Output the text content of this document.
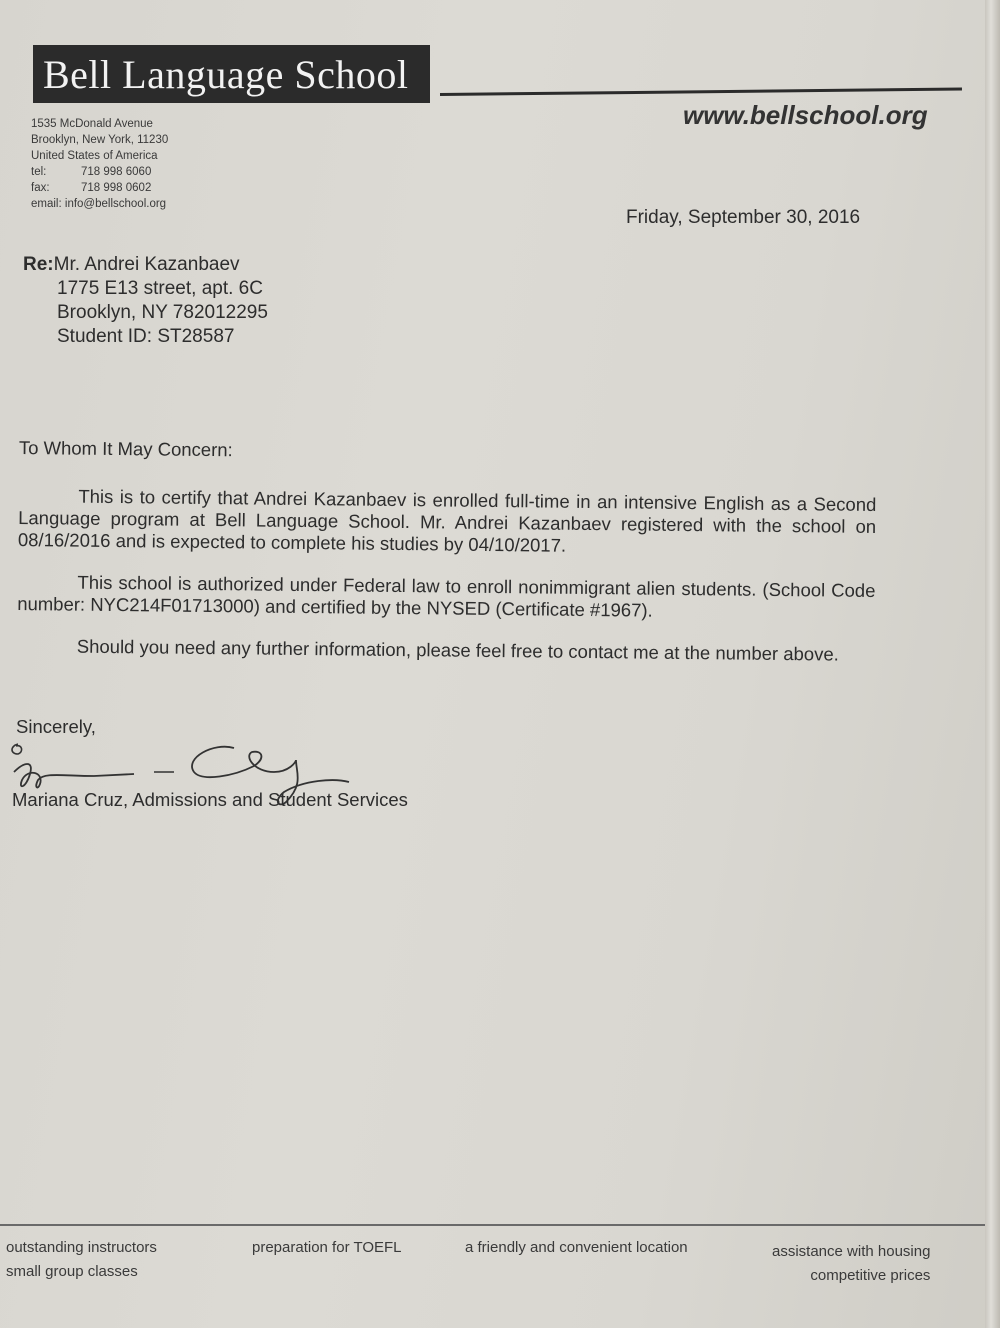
Bell Language School
www.bellschool.org
1535 McDonald Avenue
Brooklyn, New York, 11230
United States of America
tel:	718 998 6060
fax:	718 998 0602
email: info@bellschool.org
Friday, September 30, 2016
Re:Mr. Andrei Kazanbaev
1775 E13 street, apt. 6C
Brooklyn, NY 782012295
Student ID: ST28587

To Whom It May Concern:

This is to certify that Andrei Kazanbaev is enrolled full-time in an intensive English as a Second Language program at Bell Language School. Mr. Andrei Kazanbaev registered with the school on 08/16/2016 and is expected to complete his studies by 04/10/2017.

This school is authorized under Federal law to enroll nonimmigrant alien students. (School Code number: NYC214F01713000) and certified by the NYSED (Certificate #1967).

Should you need any further information, please feel free to contact me at the number above.

Sincerely,
Mariana Cruz, Admissions and Student Services
outstanding instructors
small group classes
preparation for TOEFL	a friendly and convenient location	assistance with housing
competitive prices
